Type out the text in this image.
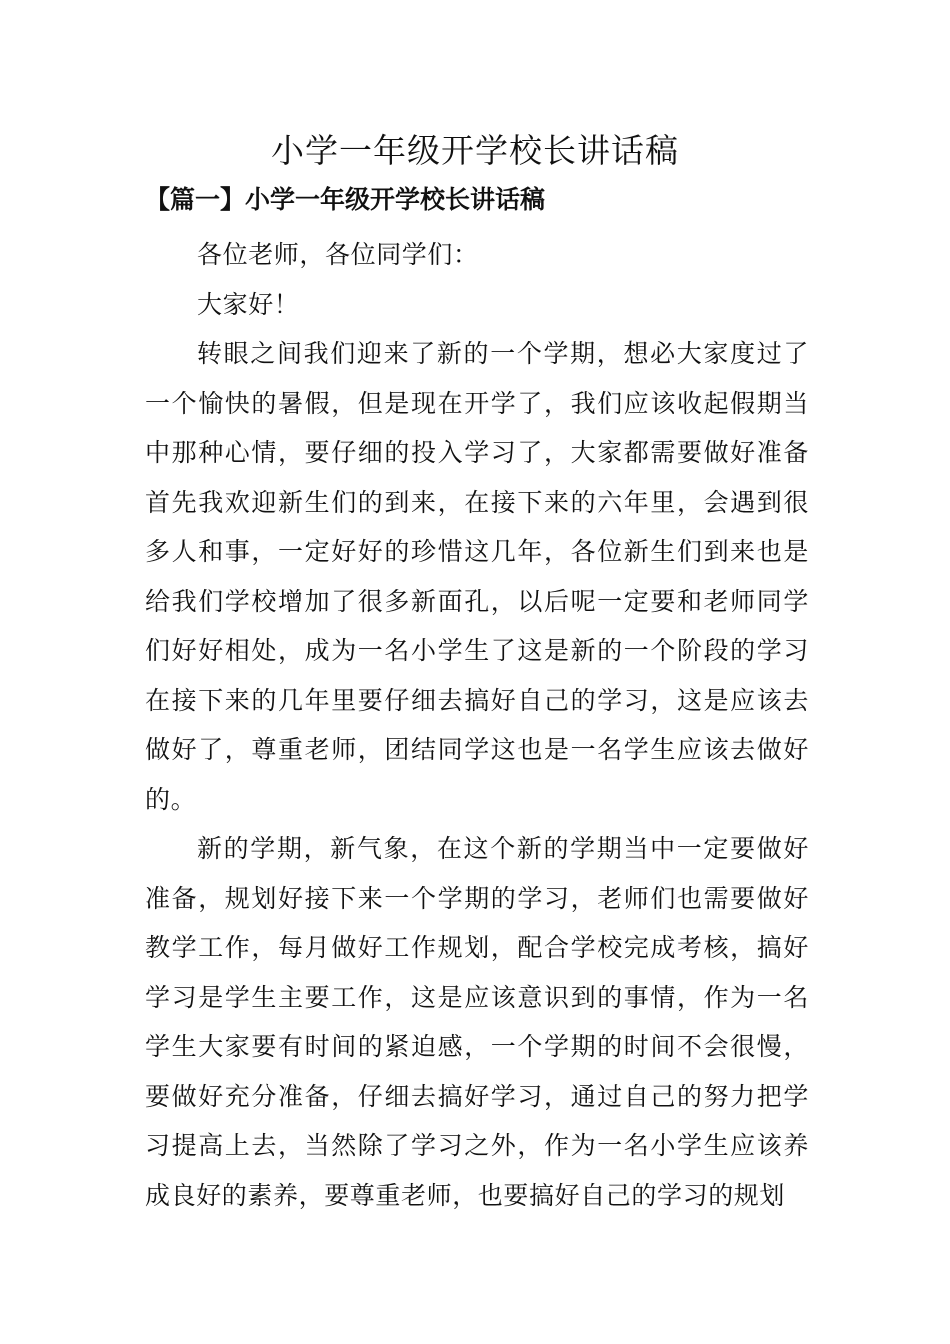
小学一年级开学校长讲话稿
【篇一】小学一年级开学校长讲话稿

各位老师，各位同学们：

大家好！

转眼之间我们迎来了新的一个学期，想必大家度过了一个愉快的暑假，但是现在开学了，我们应该收起假期当中那种心情，要仔细的投入学习了，大家都需要做好准备首先我欢迎新生们的到来，在接下来的六年里，会遇到很多人和事，一定好好的珍惜这几年，各位新生们到来也是给我们学校增加了很多新面孔，以后呢一定要和老师同学们好好相处，成为一名小学生了这是新的一个阶段的学习在接下来的几年里要仔细去搞好自己的学习，这是应该去做好了，尊重老师，团结同学这也是一名学生应该去做好的。

新的学期，新气象，在这个新的学期当中一定要做好准备，规划好接下来一个学期的学习，老师们也需要做好教学工作，每月做好工作规划，配合学校完成考核，搞好学习是学生主要工作，这是应该意识到的事情，作为一名学生大家要有时间的紧迫感，一个学期的时间不会很慢，要做好充分准备，仔细去搞好学习，通过自己的努力把学习提高上去，当然除了学习之外，作为一名小学生应该养成良好的素养，要尊重老师，也要搞好自己的学习的规划
